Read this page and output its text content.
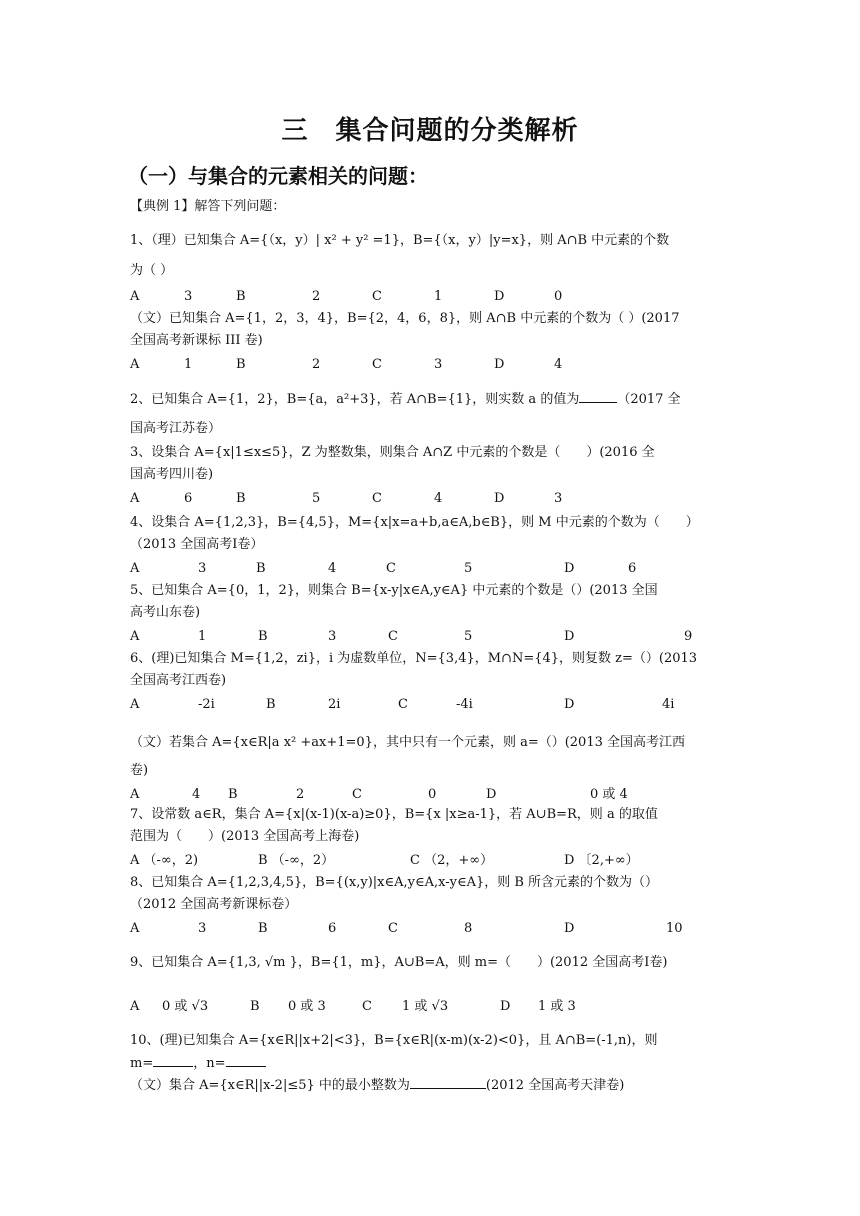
三　集合问题的分类解析
（一）与集合的元素相关的问题：
【典例 1】解答下列问题：
1、（理）已知集合 A={（x，y）| x² + y² =1}，B={（x，y）|y=x}，则 A∩B 中元素的个数
为（ ）
A	3	B	2	C	1	D	0
（文）已知集合 A={1，2，3，4}，B={2，4，6，8}，则 A∩B 中元素的个数为（ ）(2017
全国高考新课标 III 卷)
A	1	B	2	C	3	D	4
2、已知集合 A={1，2}，B={a，a²+3}，若 A∩B={1}，则实数 a 的值为	（2017 全
国高考江苏卷）
3、设集合 A={x|1≤x≤5}，Z 为整数集，则集合 A∩Z 中元素的个数是（　　）(2016 全
国高考四川卷)
A	6	B	5	C	4	D	3
4、设集合 A={1,2,3}，B={4,5}，M={x|x=a+b,a∈A,b∈B}，则 M 中元素的个数为（　　）
（2013 全国高考Ⅰ卷）
A	3	B	4	C	5	D	6
5、已知集合 A={0，1，2}，则集合 B={x-y|x∈A,y∈A} 中元素的个数是（）(2013 全国
高考山东卷)
A	1	B	3	C	5	D	9
6、(理)已知集合 M={1,2，zi}，i 为虚数单位，N={3,4}，M∩N={4}，则复数 z=（）(2013
全国高考江西卷)
A	-2i	B	2i	C	-4i	D	4i
（文）若集合 A={x∈R|a x² +ax+1=0}，其中只有一个元素，则 a=（）(2013 全国高考江西
卷)
A	4 B	2	C	0	D	0 或 4
7、设常数 a∈R，集合 A={x|(x-1)(x-a)≥0}，B={x |x≥a-1}，若 A∪B=R，则 a 的取值
范围为（　　）(2013 全国高考上海卷)
A （-∞，2)	B （-∞，2）	C （2，+∞）	D 〔2,+∞）
8、已知集合 A={1,2,3,4,5}，B={(x,y)|x∈A,y∈A,x-y∈A}，则 B 所含元素的个数为（）
（2012 全国高考新课标卷）
A	3	B	6	C	8	D	10
9、已知集合 A={1,3, √m }，B={1，m}，A∪B=A，则 m=（　　）(2012 全国高考Ⅰ卷)
A 0 或 √3	B 0 或 3	C 1 或 √3	D 1 或 3
10、(理)已知集合 A={x∈R||x+2|<3}，B={x∈R|(x-m)(x-2)<0}，且 A∩B=(-1,n)，则
m=	，n=
（文）集合 A={x∈R||x-2|≤5} 中的最小整数为	(2012 全国高考天津卷)
